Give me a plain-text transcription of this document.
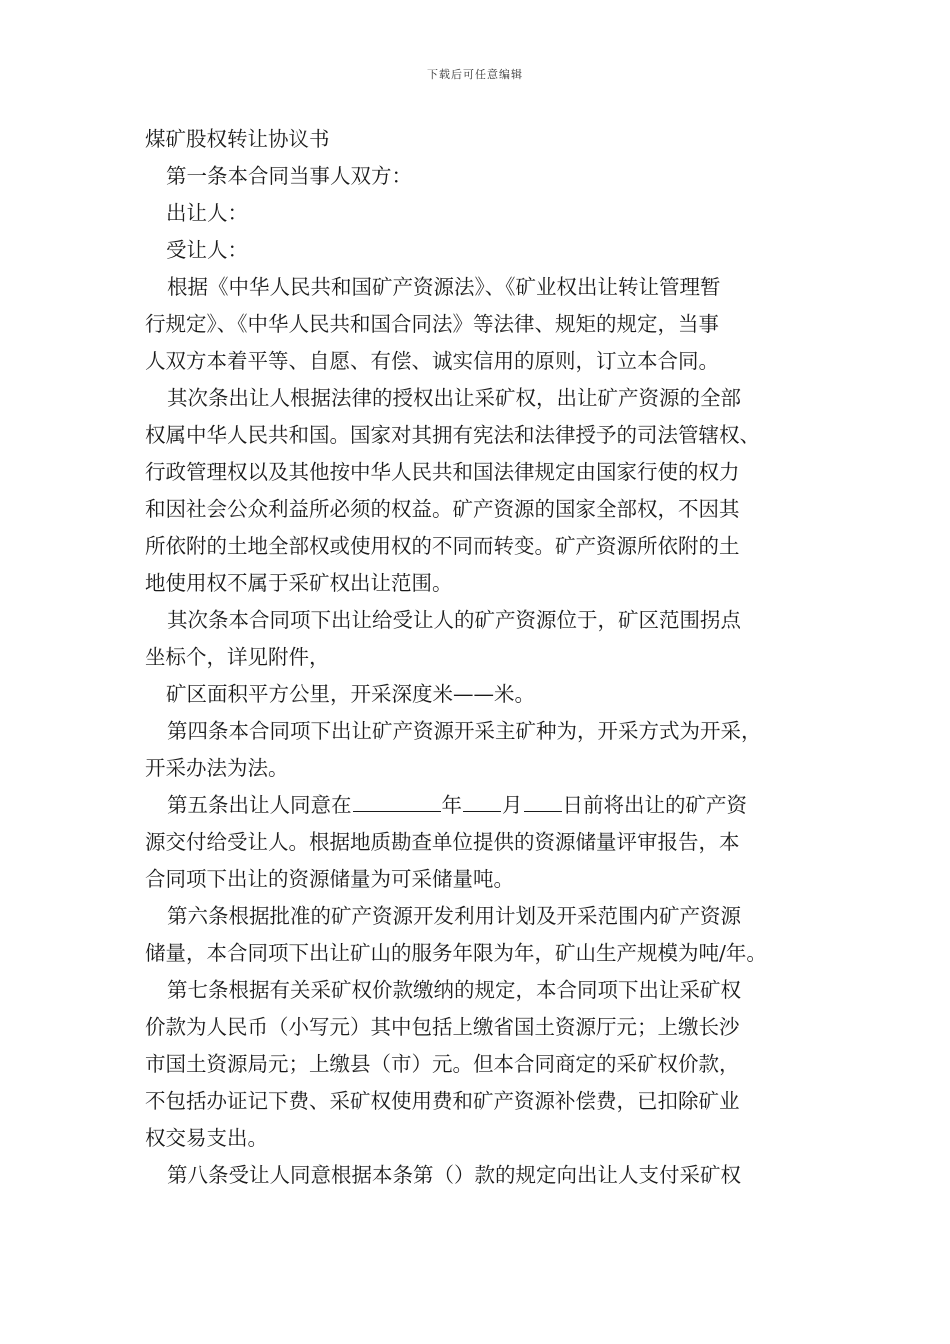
下载后可任意编辑
煤矿股权转让协议书
第一条本合同当事人双方：
出让人：
受让人：
根据《中华人民共和国矿产资源法》、《矿业权出让转让管理暂
行规定》、《中华人民共和国合同法》等法律、规矩的规定，当事
人双方本着平等、自愿、有偿、诚实信用的原则，订立本合同。
其次条出让人根据法律的授权出让采矿权，出让矿产资源的全部
权属中华人民共和国。国家对其拥有宪法和法律授予的司法管辖权、
行政管理权以及其他按中华人民共和国法律规定由国家行使的权力
和因社会公众利益所必须的权益。矿产资源的国家全部权，不因其
所依附的土地全部权或使用权的不同而转变。矿产资源所依附的土
地使用权不属于采矿权出让范围。
其次条本合同项下出让给受让人的矿产资源位于，矿区范围拐点
坐标个，详见附件，
矿区面积平方公里，开采深度米——米。
第四条本合同项下出让矿产资源开采主矿种为，开采方式为开采，
开采办法为法。
第五条出让人同意在	年 月 日前将出让的矿产资
源交付给受让人。根据地质勘查单位提供的资源储量评审报告，本
合同项下出让的资源储量为可采储量吨。
第六条根据批准的矿产资源开发利用计划及开采范围内矿产资源
储量，本合同项下出让矿山的服务年限为年，矿山生产规模为吨/年。
第七条根据有关采矿权价款缴纳的规定，本合同项下出让采矿权
价款为人民币（小写元）其中包括上缴省国土资源厅元；上缴长沙
市国土资源局元；上缴县（市）元。但本合同商定的采矿权价款，
不包括办证记下费、采矿权使用费和矿产资源补偿费，已扣除矿业
权交易支出。
第八条受让人同意根据本条第（）款的规定向出让人支付采矿权
